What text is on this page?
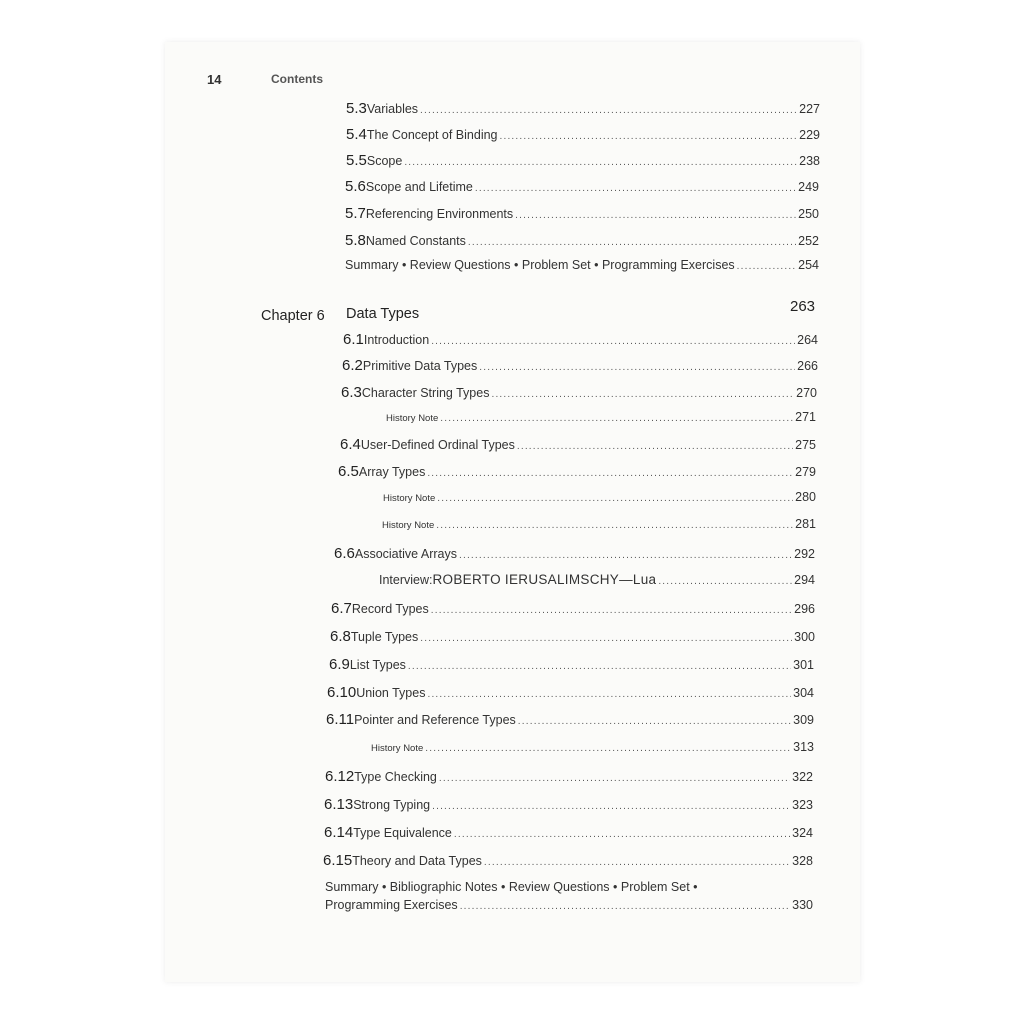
14	Contents
5.3 Variables .....	227
5.4 The Concept of Binding .....	229
5.5 Scope .....	238
5.6 Scope and Lifetime .....	249
5.7 Referencing Environments .....	250
5.8 Named Constants .....	252
Summary • Review Questions • Problem Set • Programming Exercises .....	254
Chapter 6 Data Types	263
6.1 Introduction .....	264
6.2 Primitive Data Types .....	266
6.3 Character String Types .....	270
History Note .....	271
6.4 User-Defined Ordinal Types .....	275
6.5 Array Types .....	279
History Note .....	280
History Note .....	281
6.6 Associative Arrays .....	292
Interview: ROBERTO IERUSALIMSCHY —Lua .....	294
6.7 Record Types .....	296
6.8 Tuple Types .....	300
6.9 List Types .....	301
6.10 Union Types .....	304
6.11 Pointer and Reference Types .....	309
History Note .....	313
6.12 Type Checking .....	322
6.13 Strong Typing .....	323
6.14 Type Equivalence .....	324
6.15 Theory and Data Types .....	328
Summary • Bibliographic Notes • Review Questions • Problem Set •
Programming Exercises .....	330
